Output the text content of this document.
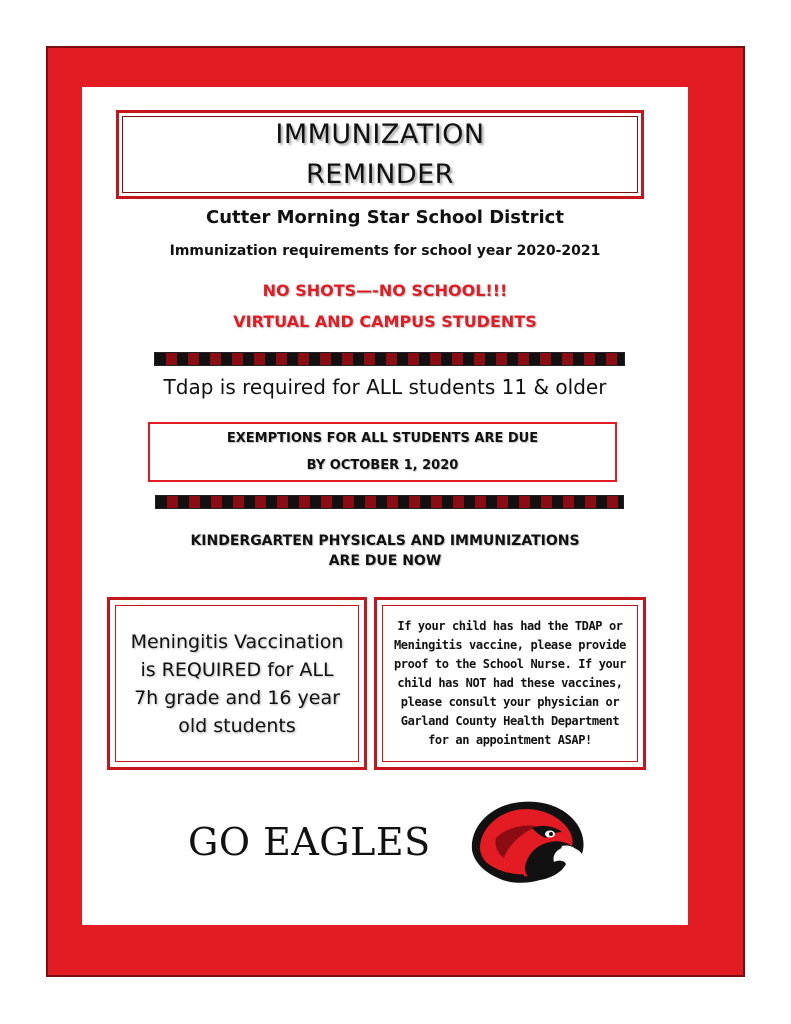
IMMUNIZATION
REMINDER
Cutter Morning Star School District
Immunization requirements for school year 2020-2021
NO SHOTS—-NO SCHOOL!!!
VIRTUAL AND CAMPUS STUDENTS
Tdap is required for ALL students 11 & older
EXEMPTIONS FOR ALL STUDENTS ARE DUE
BY OCTOBER 1, 2020
KINDERGARTEN PHYSICALS AND IMMUNIZATIONS
ARE DUE NOW
Meningitis Vaccination
is REQUIRED for ALL
7h grade and 16 year
old students
If your child has had the TDAP or
Meningitis vaccine, please provide
proof to the School Nurse. If your
child has NOT had these vaccines,
please consult your physician or
Garland County Health Department
for an appointment ASAP!
GO EAGLES
